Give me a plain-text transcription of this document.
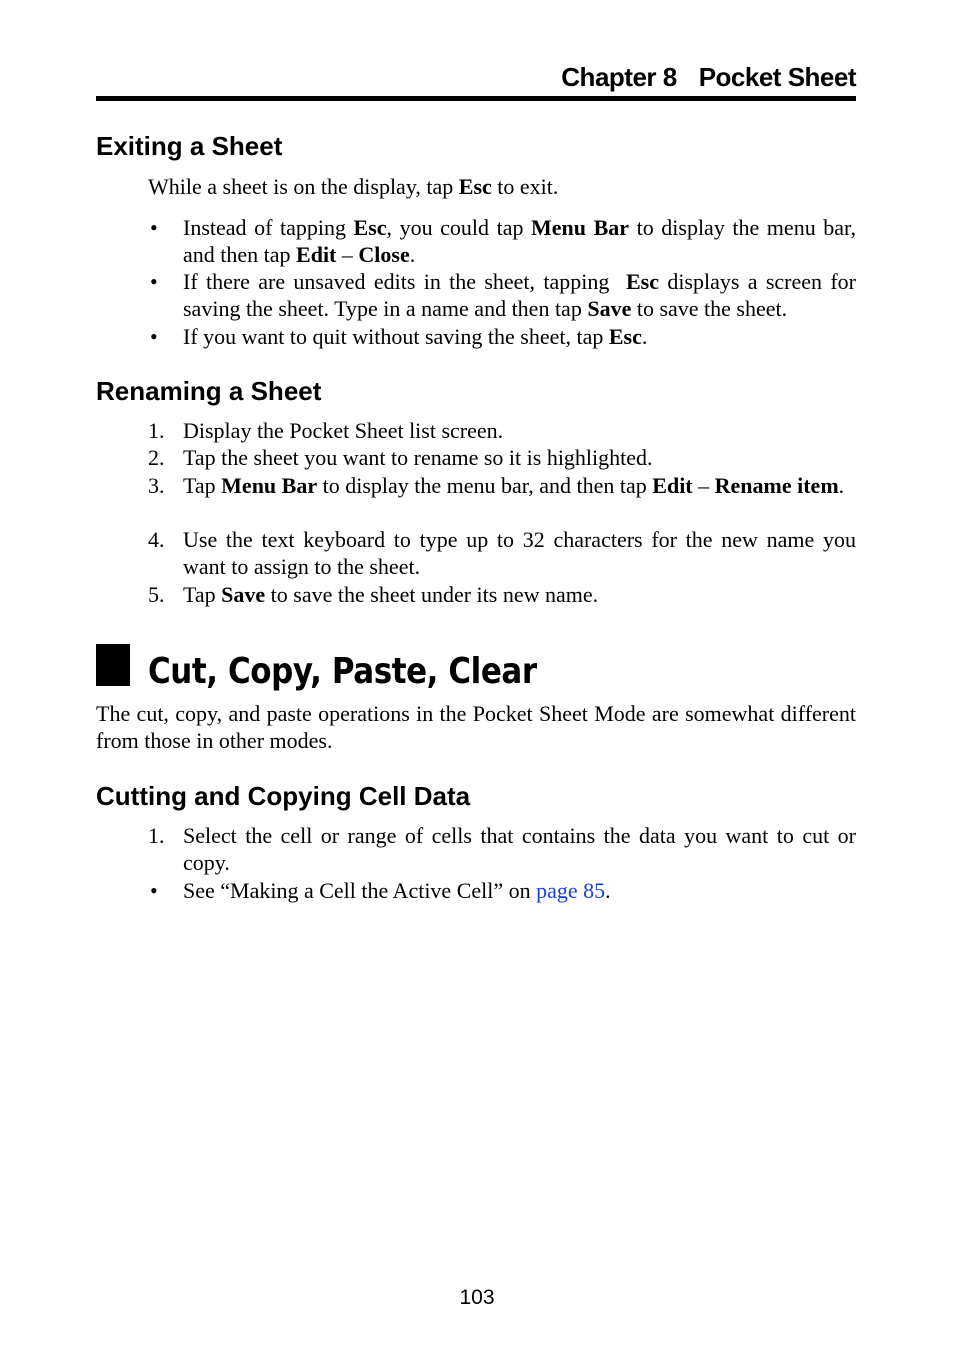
Chapter 8 Pocket Sheet
Exiting a Sheet

While a sheet is on the display, tap Esc to exit.

•	Instead of tapping Esc, you could tap Menu Bar to display the menu bar, and then tap Edit – Close.
•	If there are unsaved edits in the sheet, tapping  Esc displays a screen for saving the sheet. Type in a name and then tap Save to save the sheet.
•	If you want to quit without saving the sheet, tap Esc.
Renaming a Sheet
1. Display the Pocket Sheet list screen.
2. Tap the sheet you want to rename so it is highlighted.
3. Tap Menu Bar to display the menu bar, and then tap Edit – Rename item.
4. Use the text keyboard to type up to 32 characters for the new name you want to assign to the sheet.
5. Tap Save to save the sheet under its new name.
Cut, Copy, Paste, Clear

The cut, copy, and paste operations in the Pocket Sheet Mode are somewhat different from those in other modes.

Cutting and Copying Cell Data
1. Select the cell or range of cells that contains the data you want to cut or copy.
•	See “Making a Cell the Active Cell” on page 85.
103
